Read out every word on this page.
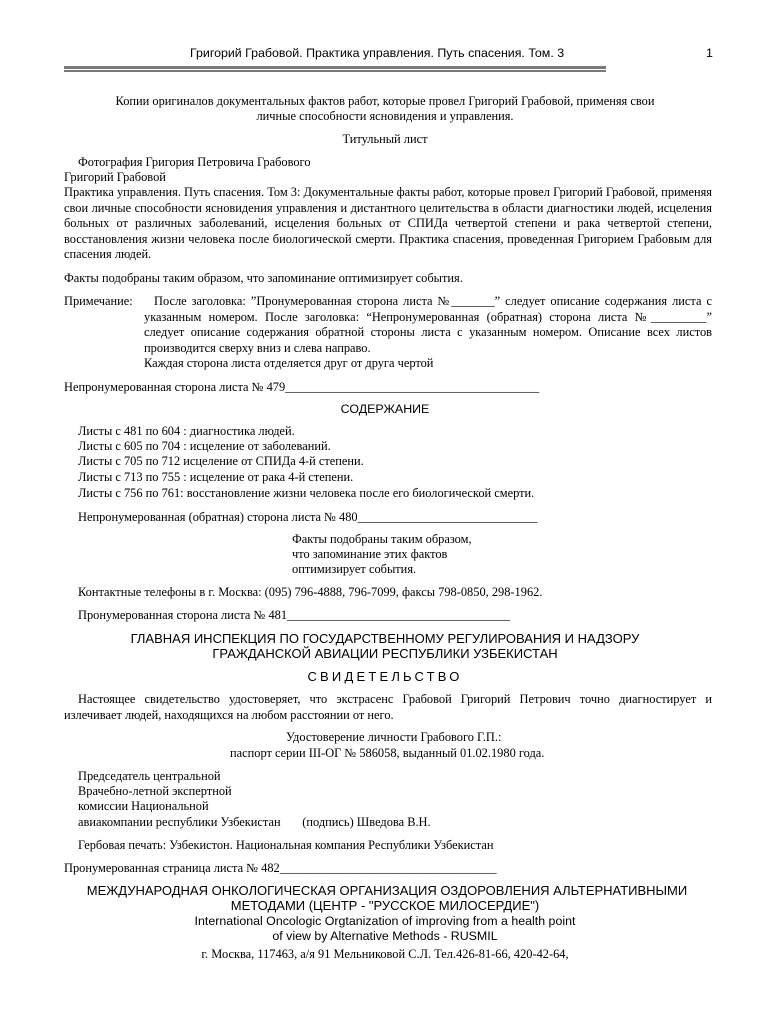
Григорий Грабовой. Практика управления. Путь спасения. Том. 3	1
Копии оригиналов документальных фактов работ, которые провел Григорий Грабовой, применяя свои
личные способности ясновидения и управления.
Титульный лист
Фотография Григория Петровича Грабового
Григорий Грабовой
Практика управления. Путь спасения. Том 3: Документальные факты работ, которые провел Григорий Грабовой, применяя свои личные способности ясновидения управления и дистантного целительства в области диагностики людей, исцеления больных от различных заболеваний, исцеления больных от СПИДа четвертой степени и рака четвертой степени, восстановления жизни человека после биологической смерти. Практика спасения, проведенная Григорием Грабовым для спасения людей.
Факты подобраны таким образом, что запоминание оптимизирует события.
Примечание:	После заголовка: ”Пронумерованная сторона листа №_______” следует описание содержания листа с указанным номером. После заголовка: “Непронумерованная (обратная) сторона листа №_________” следует описание содержания обратной стороны листа с указанным номером. Описание всех листов производится сверху вниз и слева направо.
Каждая сторона листа отделяется друг от друга чертой
Непронумерованная сторона листа № 479_________________________________________
СОДЕРЖАНИЕ
Листы с 481 по 604 : диагностика людей.
Листы с 605 по 704 : исцеление от заболеваний.
Листы с 705 по 712 исцеление от СПИДа 4-й степени.
Листы с 713 по 755 : исцеление от рака 4-й степени.
Листы с 756 по 761: восстановление жизни человека после его биологической смерти.
Непронумерованная (обратная) сторона листа № 480_____________________________
Факты подобраны таким образом,
что запоминание этих фактов
оптимизирует события.
Контактные телефоны в г. Москва: (095) 796-4888, 796-7099, факсы 798-0850, 298-1962.
Пронумерованная сторона листа № 481____________________________________
ГЛАВНАЯ ИНСПЕКЦИЯ ПО ГОСУДАРСТВЕННОМУ РЕГУЛИРОВАНИЯ И НАДЗОРУ
ГРАЖДАНСКОЙ АВИАЦИИ РЕСПУБЛИКИ УЗБЕКИСТАН
СВИДЕТЕЛЬСТВО
Настоящее свидетельство удостоверяет, что экстрасенс Грабовой Григорий Петрович точно диагностирует и излечивает людей, находящихся на любом расстоянии от него.
Удостоверение личности Грабового Г.П.:
паспорт серии III-ОГ № 586058, выданный 01.02.1980 года.
Председатель центральной
Врачебно-летной экспертной
комиссии Национальной
авиакомпании республики Узбекистан       (подпись) Шведова В.Н.
Гербовая печать: Узбекистон. Национальная компания Республики Узбекистан
Пронумерованная страница листа № 482___________________________________
МЕЖДУНАРОДНАЯ ОНКОЛОГИЧЕСКАЯ ОРГАНИЗАЦИЯ ОЗДОРОВЛЕНИЯ АЛЬТЕРНАТИВНЫМИ
МЕТОДАМИ (ЦЕНТР - "РУССКОЕ МИЛОСЕРДИЕ")
International Oncologic Orgtanization of improving from a health point
of view by Alternative Methods - RUSMIL
г. Москва, 117463, а/я 91 Мельниковой С.Л. Тел.426-81-66, 420-42-64,
